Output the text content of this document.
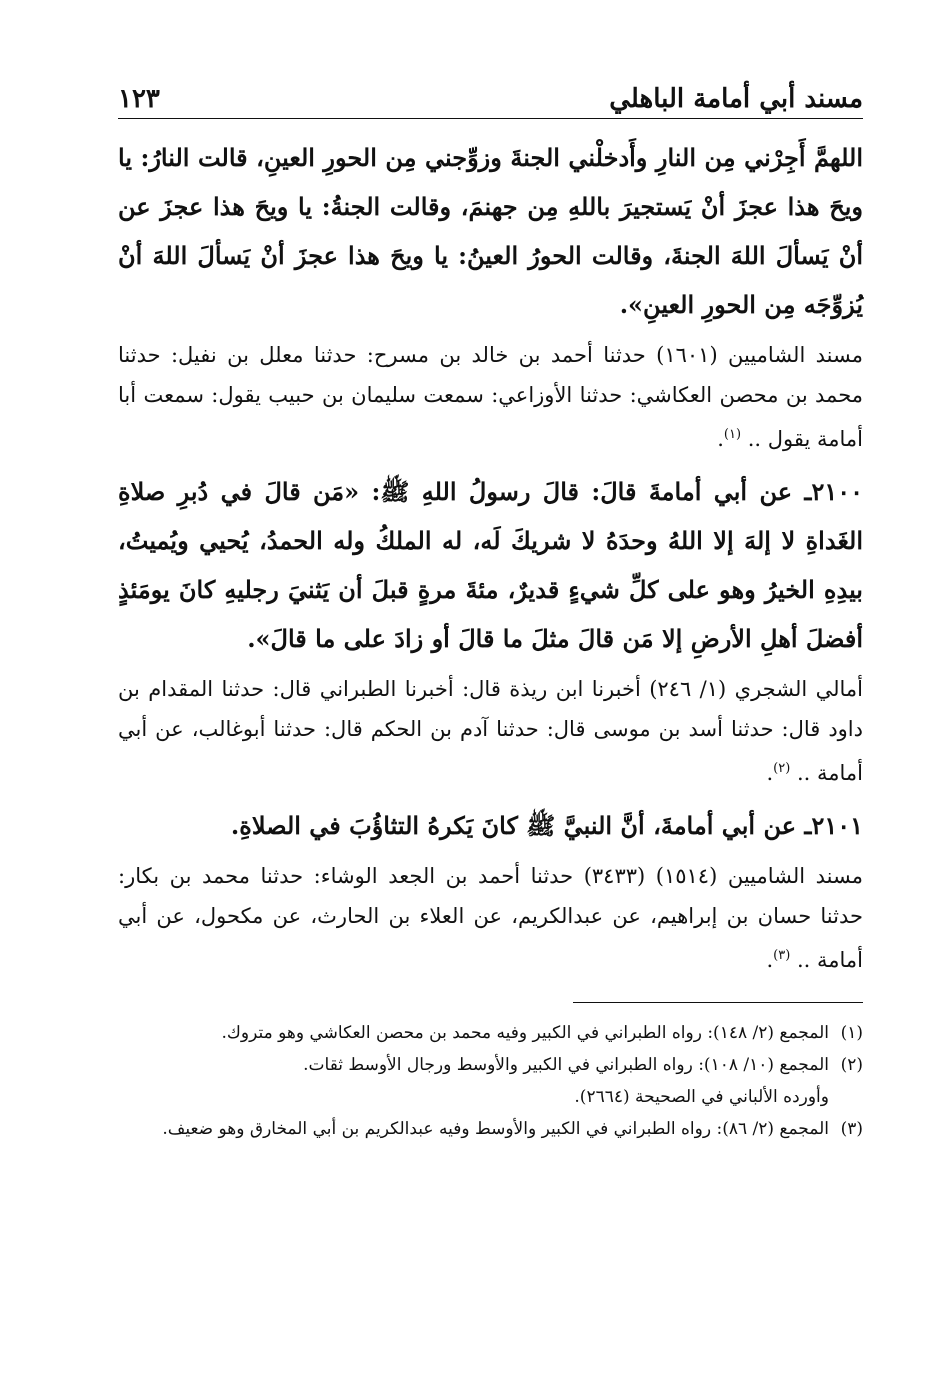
مسند أبي أمامة الباهلي
١٢٣

اللهمَّ أَجِرْني مِن النارِ وأَدخلْني الجنةَ وزوِّجني مِن الحورِ العينِ، قالت النارُ: يا ويحَ هذا عجزَ أنْ يَستجيرَ باللهِ مِن جهنمَ، وقالت الجنةُ: يا ويحَ هذا عجزَ عن أنْ يَسألَ اللهَ الجنةَ، وقالت الحورُ العينُ: يا ويحَ هذا عجزَ أنْ يَسألَ اللهَ أنْ يُزوِّجَه مِن الحورِ العينِ».

مسند الشاميين (١٦٠١) حدثنا أحمد بن خالد بن مسرح: حدثنا معلل بن نفيل: حدثنا محمد بن محصن العكاشي: حدثنا الأوزاعي: سمعت سليمان بن حبيب يقول: سمعت أبا أمامة يقول .. $^{(١)}$.

٢١٠٠ـ عن أبي أمامةَ قالَ: قالَ رسولُ اللهِ ﷺ: «مَن قالَ في دُبرِ صلاةِ الغَداةِ لا إلهَ إلا اللهُ وحدَهُ لا شريكَ لَه، له الملكُ وله الحمدُ، يُحيي ويُميتُ، بيدِهِ الخيرُ وهو على كلِّ شيءٍ قديرٌ، مئةَ مرةٍ قبلَ أن يَثنيَ رجليهِ كانَ يومَئذٍ أفضلَ أهلِ الأرضِ إلا مَن قالَ مثلَ ما قالَ أو زادَ على ما قالَ».

أمالي الشجري (١/ ٢٤٦) أخبرنا ابن ريذة قال: أخبرنا الطبراني قال: حدثنا المقدام بن داود قال: حدثنا أسد بن موسى قال: حدثنا آدم بن الحكم قال: حدثنا أبوغالب، عن أبي أمامة .. $^{(٢)}$.

٢١٠١ـ عن أبي أمامةَ، أنَّ النبيَّ ﷺ كانَ يَكرهُ التثاؤُبَ في الصلاةِ.

مسند الشاميين (١٥١٤) (٣٤٣٣) حدثنا أحمد بن الجعد الوشاء: حدثنا محمد بن بكار: حدثنا حسان بن إبراهيم، عن عبدالكريم، عن العلاء بن الحارث، عن مكحول، عن أبي أمامة .. $^{(٣)}$.

(١)المجمع (٢/ ١٤٨): رواه الطبراني في الكبير وفيه محمد بن محصن العكاشي وهو متروك.

(٢)المجمع (١٠/ ١٠٨): رواه الطبراني في الكبير والأوسط ورجال الأوسط ثقات.

وأورده الألباني في الصحيحة (٢٦٦٤).

(٣)المجمع (٢/ ٨٦): رواه الطبراني في الكبير والأوسط وفيه عبدالكريم بن أبي المخارق وهو ضعيف.
